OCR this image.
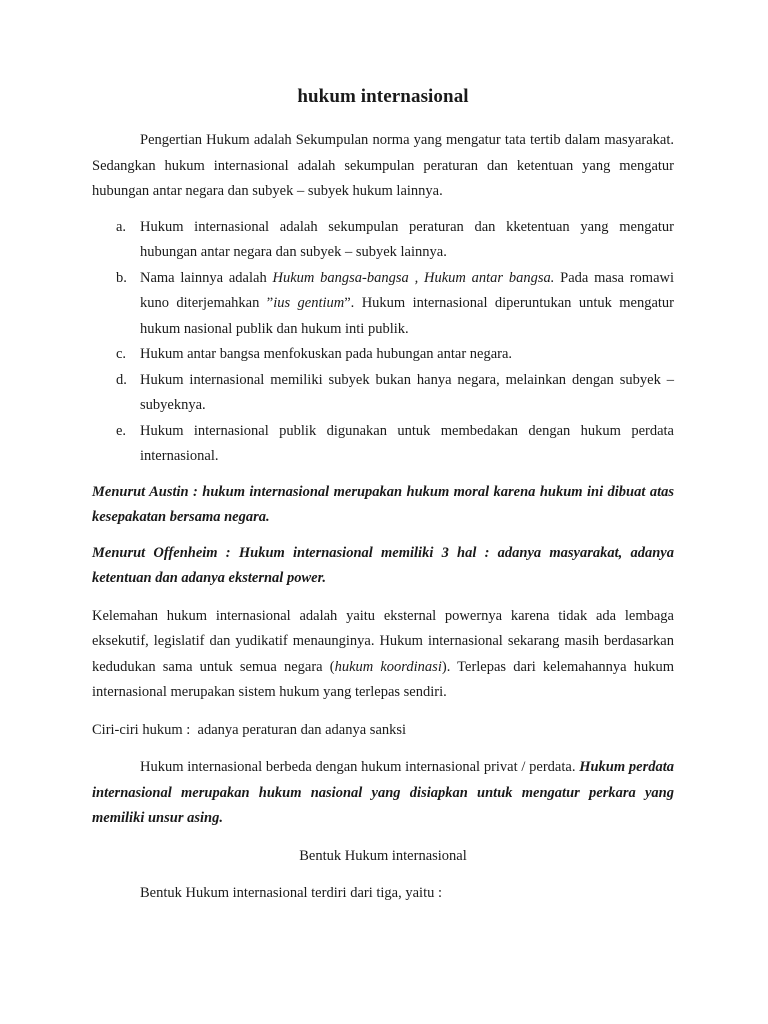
hukum internasional

Pengertian Hukum adalah Sekumpulan norma yang mengatur tata tertib dalam masyarakat. Sedangkan hukum internasional adalah sekumpulan peraturan dan ketentuan yang mengatur hubungan antar negara dan subyek – subyek hukum lainnya.

a. Hukum internasional adalah sekumpulan peraturan dan kketentuan yang mengatur hubungan antar negara dan subyek – subyek lainnya.
b. Nama lainnya adalah Hukum bangsa-bangsa , Hukum antar bangsa. Pada masa romawi kuno diterjemahkan ”ius gentium”. Hukum internasional diperuntukan untuk mengatur hukum nasional publik dan hukum inti publik.
c. Hukum antar bangsa menfokuskan pada hubungan antar negara.
d. Hukum internasional memiliki subyek bukan hanya negara, melainkan dengan subyek –subyeknya.
e. Hukum internasional publik digunakan untuk membedakan dengan hukum perdata internasional.

Menurut Austin : hukum internasional merupakan hukum moral karena hukum ini dibuat atas kesepakatan bersama negara.

Menurut Offenheim : Hukum internasional memiliki 3 hal : adanya masyarakat, adanya ketentuan dan adanya eksternal power.

Kelemahan hukum internasional adalah yaitu eksternal powernya karena tidak ada lembaga eksekutif, legislatif dan yudikatif menaunginya. Hukum internasional sekarang masih berdasarkan kedudukan sama untuk semua negara (hukum koordinasi). Terlepas dari kelemahannya hukum internasional merupakan sistem hukum yang terlepas sendiri.

Ciri-ciri hukum :  adanya peraturan dan adanya sanksi

Hukum internasional berbeda dengan hukum internasional privat / perdata. Hukum perdata internasional merupakan hukum nasional yang disiapkan untuk mengatur perkara yang memiliki unsur asing.

Bentuk Hukum internasional

Bentuk Hukum internasional terdiri dari tiga, yaitu :
